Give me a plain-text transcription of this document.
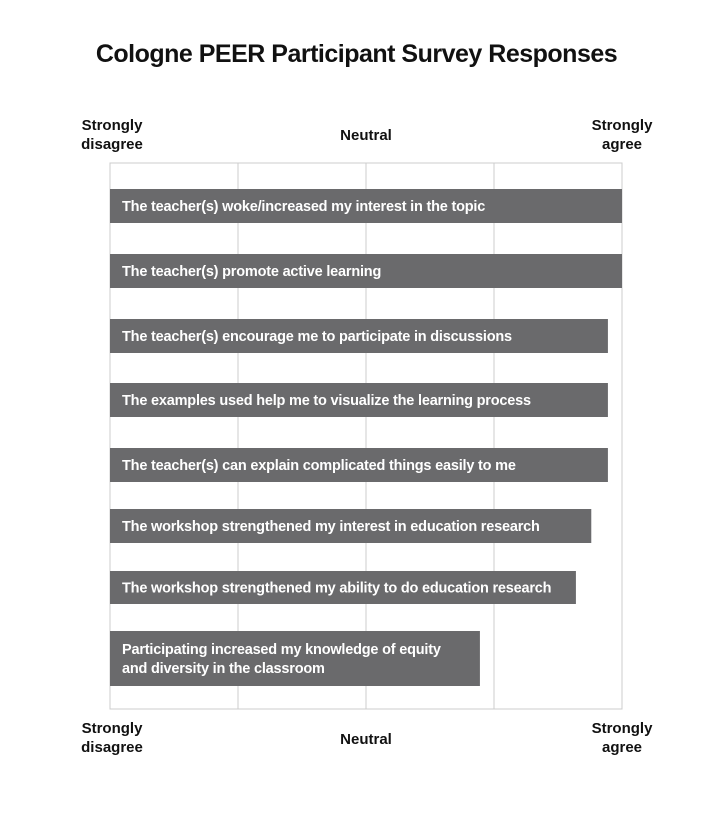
Cologne PEER Participant Survey Responses
Strongly
disagree
Neutral
Strongly
agree
The teacher(s) woke/increased my interest in the topic
The teacher(s) promote active learning
The teacher(s) encourage me to participate in discussions
The examples used help me to visualize the learning process
The teacher(s) can explain complicated things easily to me
The workshop strengthened my interest in education research
The workshop strengthened my ability to do education research
Participating increased my knowledge of equity and diversity in the classroom
Strongly
disagree	Neutral
Strongly
agree
